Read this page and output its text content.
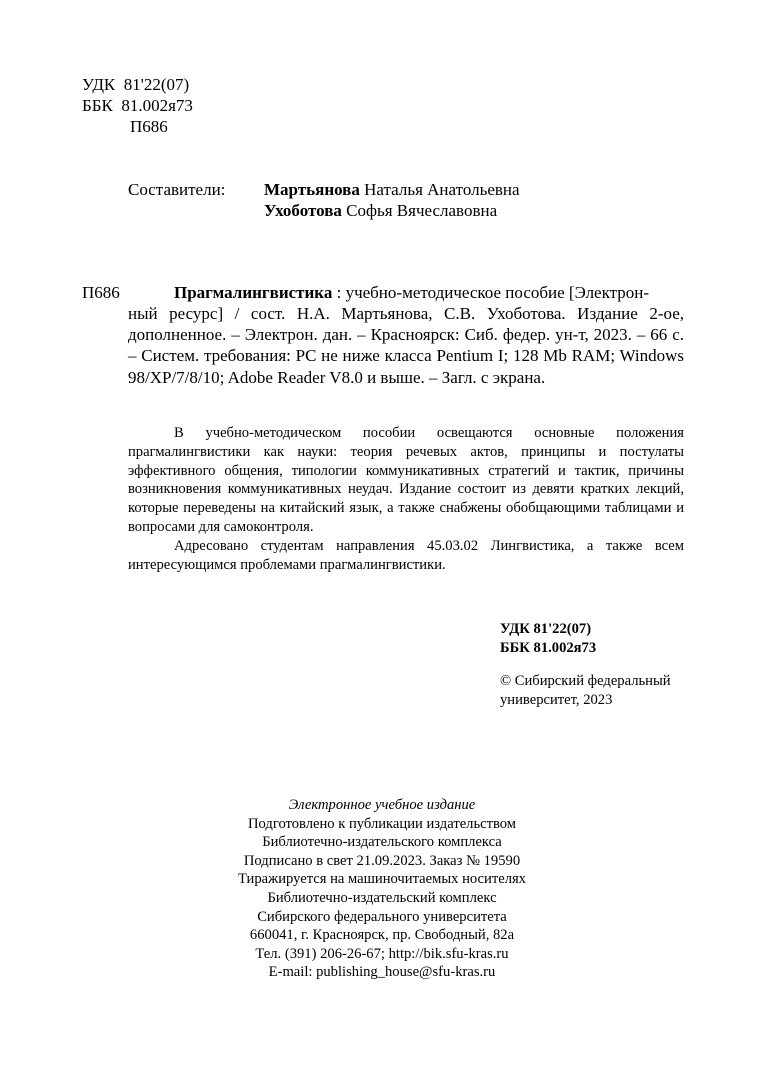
УДК  81'22(07)
ББК  81.002я73
П686
Составители: Мартьянова Наталья Анатольевна
Ухоботова Софья Вячеславовна
П686	Прагмалингвистика : учебно-методическое пособие [Электрон-
ный ресурс] / сост. Н.А. Мартьянова, С.В. Ухоботова. Издание 2-ое, дополненное. – Электрон. дан. – Красноярск: Сиб. федер. ун-т, 2023. – 66 с. – Систем. требования: PC не ниже класса Pentium I; 128 Mb RAM; Windows 98/XP/7/8/10; Adobe Reader V8.0 и выше. – Загл. с экрана.

В учебно-методическом пособии освещаются основные положения прагмалингвистики как науки: теория речевых актов, принципы и постулаты эффективного общения, типологии коммуникативных стратегий и тактик, причины возникновения коммуникативных неудач. Издание состоит из девяти кратких лекций, которые переведены на китайский язык, а также снабжены обобщающими таблицами и вопросами для самоконтроля.

Адресовано студентам направления 45.03.02 Лингвистика, а также всем интересующимся проблемами прагмалингвистики.

УДК 81'22(07)
ББК 81.002я73
© Сибирский федеральный
университет, 2023
Электронное учебное издание
Подготовлено к публикации издательством
Библиотечно-издательского комплекса
Подписано в свет 21.09.2023. Заказ № 19590
Тиражируется на машиночитаемых носителях
Библиотечно-издательский комплекс
Сибирского федерального университета
660041, г. Красноярск, пр. Свободный, 82а
Тел. (391) 206-26-67; http://bik.sfu-kras.ru
E-mail: publishing_house@sfu-kras.ru
